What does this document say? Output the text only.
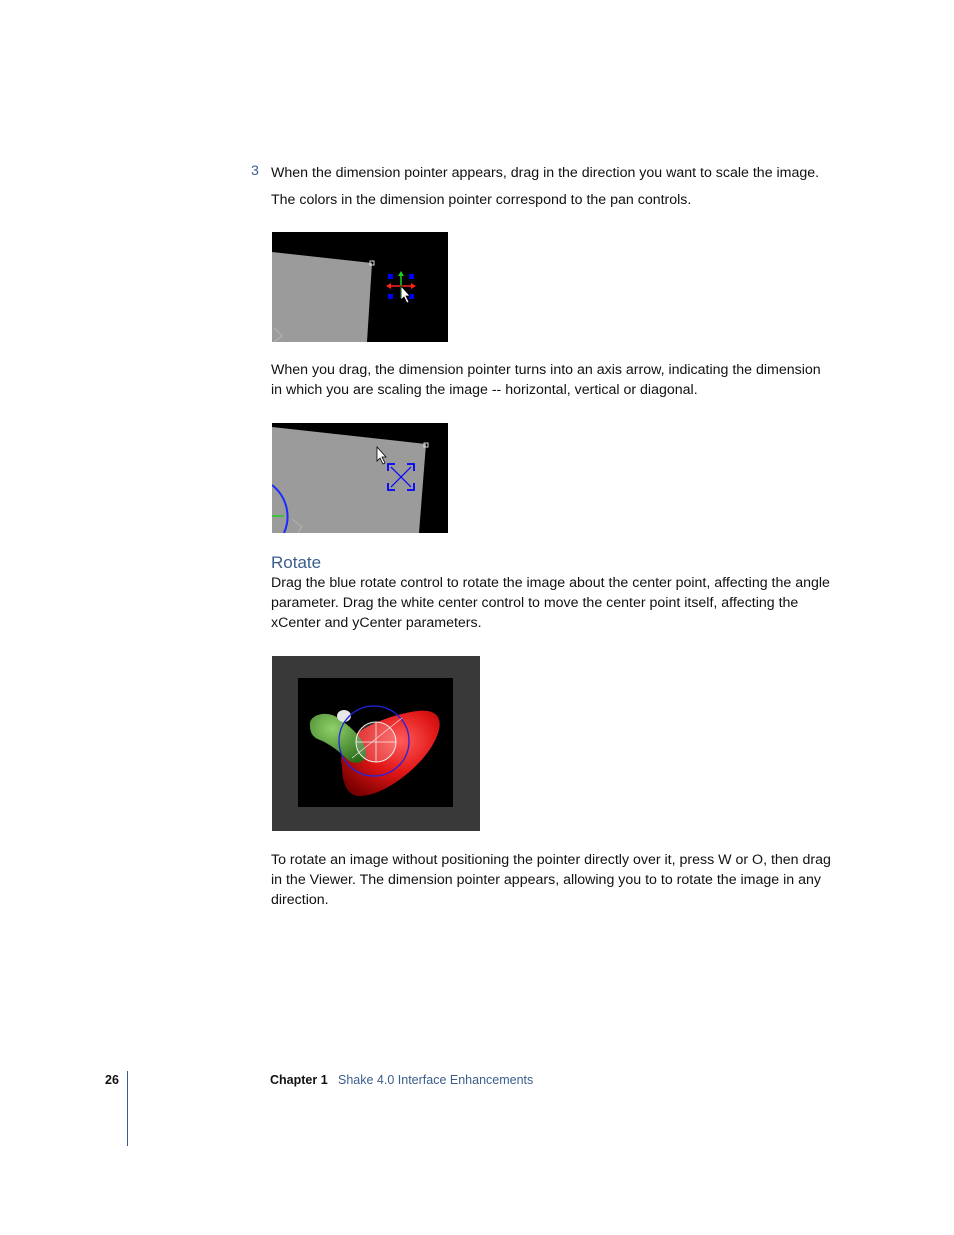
3 When the dimension pointer appears, drag in the direction you want to scale the image.

The colors in the dimension pointer correspond to the pan controls.

When you drag, the dimension pointer turns into an axis arrow, indicating the dimension in which you are scaling the image -- horizontal, vertical or diagonal.

Rotate

Drag the blue rotate control to rotate the image about the center point, affecting the angle parameter. Drag the white center control to move the center point itself, affecting the xCenter and yCenter parameters.

To rotate an image without positioning the pointer directly over it, press W or O, then drag in the Viewer. The dimension pointer appears, allowing you to to rotate the image in any direction.

26	Chapter 1 Shake 4.0 Interface Enhancements
